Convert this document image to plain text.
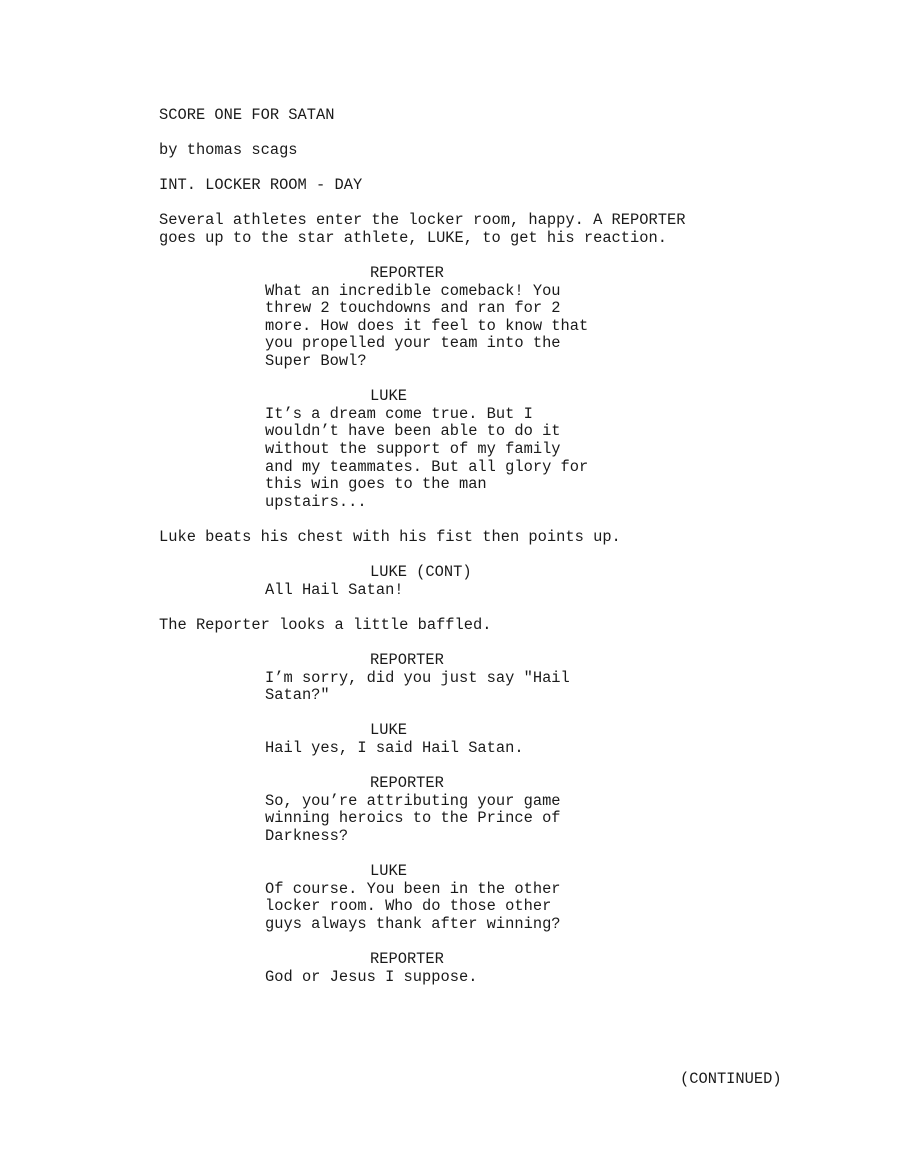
SCORE ONE FOR SATAN
by thomas scags
INT. LOCKER ROOM - DAY
Several athletes enter the locker room, happy. A REPORTER
goes up to the star athlete, LUKE, to get his reaction.
REPORTER
What an incredible comeback! You
threw 2 touchdowns and ran for 2
more. How does it feel to know that
you propelled your team into the
Super Bowl?
LUKE
It’s a dream come true. But I
wouldn’t have been able to do it
without the support of my family
and my teammates. But all glory for
this win goes to the man
upstairs...
Luke beats his chest with his fist then points up.
LUKE (CONT)
All Hail Satan!
The Reporter looks a little baffled.
REPORTER
I’m sorry, did you just say "Hail
Satan?"
LUKE
Hail yes, I said Hail Satan.
REPORTER
So, you’re attributing your game
winning heroics to the Prince of
Darkness?
LUKE
Of course. You been in the other
locker room. Who do those other
guys always thank after winning?
REPORTER
God or Jesus I suppose.
(CONTINUED)
